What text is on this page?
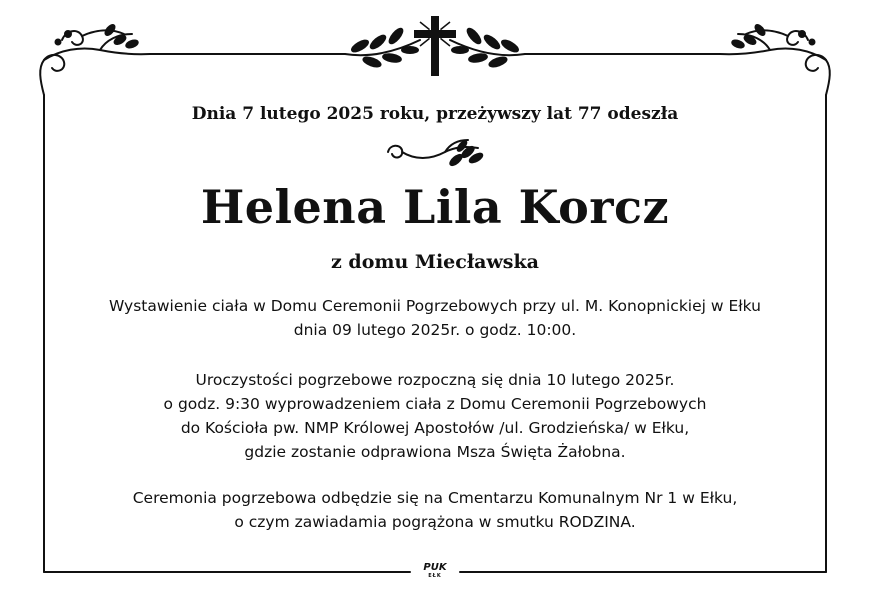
Dnia 7 lutego 2025 roku, przeżywszy lat 77 odeszła
Helena Lila Korcz
z domu Miecławska
Wystawienie ciała w Domu Ceremonii Pogrzebowych przy ul. M. Konopnickiej w Ełku
dnia 09 lutego 2025r. o godz. 10:00.
Uroczystości pogrzebowe rozpoczną się dnia 10 lutego 2025r.
o godz. 9:30 wyprowadzeniem ciała z Domu Ceremonii Pogrzebowych
do Kościoła pw. NMP Królowej Apostołów /ul. Grodzieńska/ w Ełku,
gdzie zostanie odprawiona Msza Święta Żałobna.
Ceremonia pogrzebowa odbędzie się na Cmentarzu Komunalnym Nr 1 w Ełku,
o czym zawiadamia pogrążona w smutku RODZINA.
PUK
EŁK
